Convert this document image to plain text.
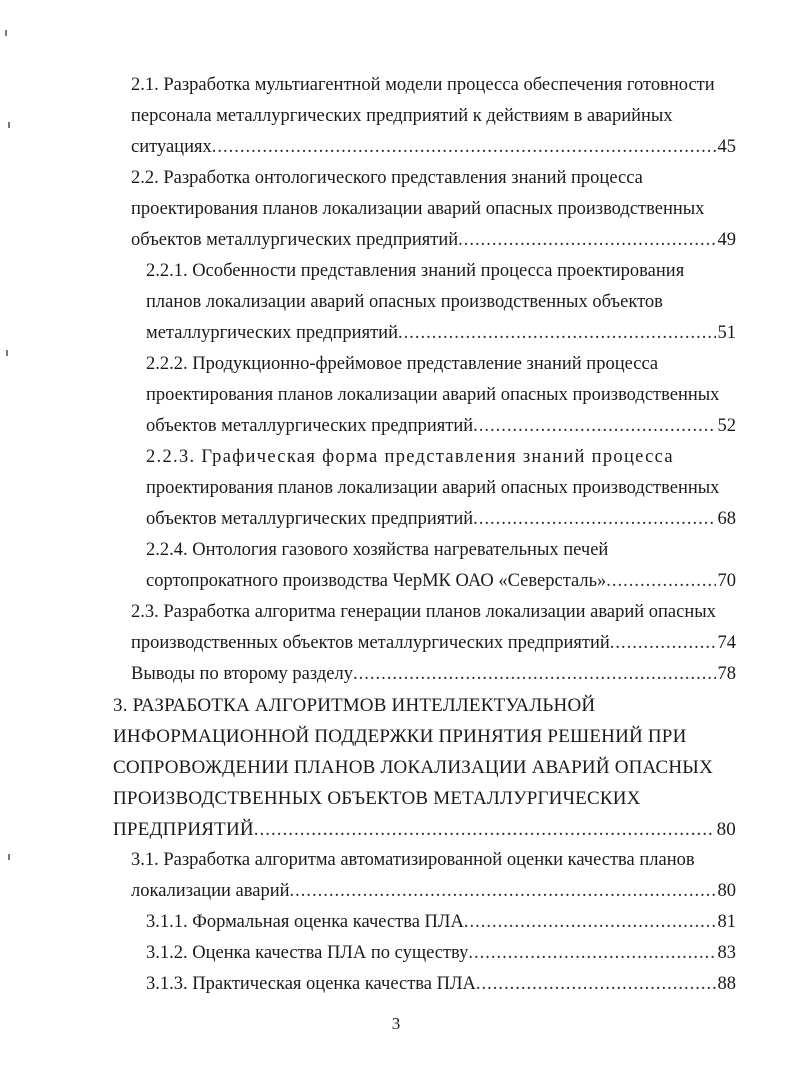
2.1. Разработка мультиагентной модели процесса обеспечения готовности
персонала металлургических предприятий к действиям в аварийных
ситуациях .....	45
2.2. Разработка онтологического представления знаний процесса
проектирования планов локализации аварий опасных производственных
объектов металлургических предприятий .....	49
2.2.1. Особенности представления знаний процесса проектирования
планов локализации аварий опасных производственных объектов
металлургических предприятий .....	51
2.2.2. Продукционно-фреймовое представление знаний процесса
проектирования планов локализации аварий опасных производственных
объектов металлургических предприятий .....	52
2.2.3. Графическая форма представления знаний процесса
проектирования планов локализации аварий опасных производственных
объектов металлургических предприятий .....	68
2.2.4. Онтология газового хозяйства нагревательных печей
сортопрокатного производства ЧерМК ОАО «Северсталь» .....	70
2.3. Разработка алгоритма генерации планов локализации аварий опасных
производственных объектов металлургических предприятий .....	74
Выводы по второму разделу .....	78
3. РАЗРАБОТКА АЛГОРИТМОВ ИНТЕЛЛЕКТУАЛЬНОЙ
ИНФОРМАЦИОННОЙ ПОДДЕРЖКИ ПРИНЯТИЯ РЕШЕНИЙ ПРИ
СОПРОВОЖДЕНИИ ПЛАНОВ ЛОКАЛИЗАЦИИ АВАРИЙ ОПАСНЫХ
ПРОИЗВОДСТВЕННЫХ ОБЪЕКТОВ МЕТАЛЛУРГИЧЕСКИХ
ПРЕДПРИЯТИЙ .....	80
3.1. Разработка алгоритма автоматизированной оценки качества планов
локализации аварий .....	80
3.1.1. Формальная оценка качества ПЛА .....	81
3.1.2. Оценка качества ПЛА по существу .....	83
3.1.3. Практическая оценка качества ПЛА .....	88
3
